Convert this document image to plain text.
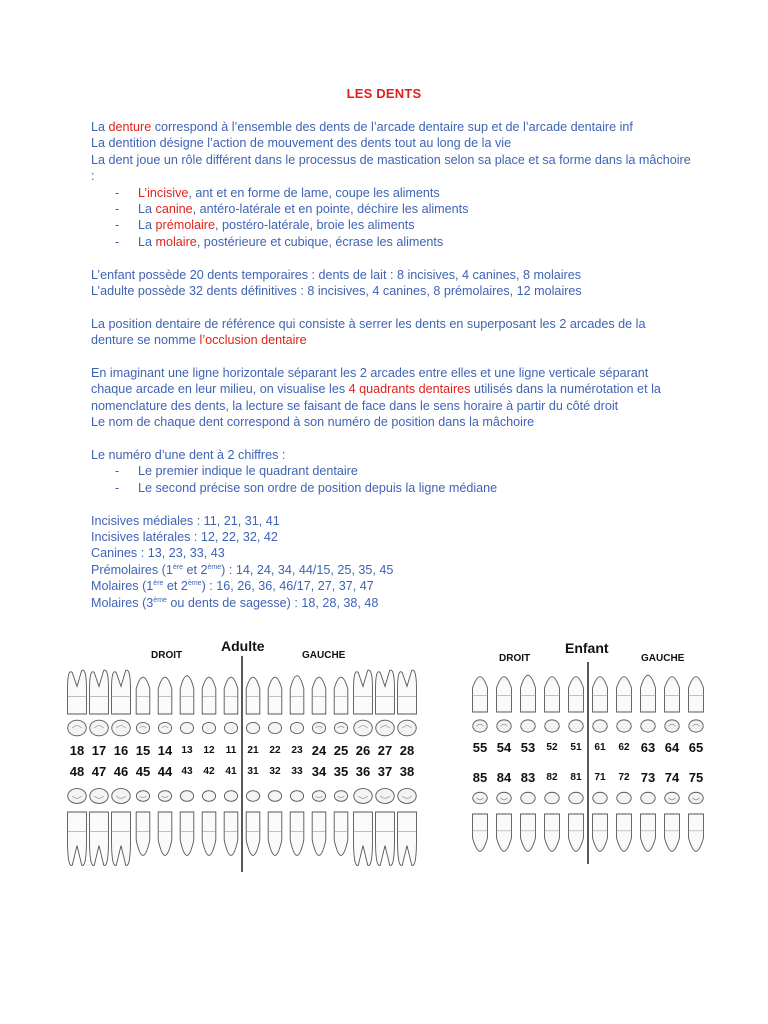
LES DENTS

La denture correspond à l’ensemble des dents de l’arcade dentaire sup et de l’arcade dentaire inf

La dentition désigne l’action de mouvement des dents tout au long de la vie

La dent joue un rôle différent dans le processus de mastication selon sa place et sa forme dans la mâchoire :

- L’incisive, ant et en forme de lame, coupe les aliments

- La canine, antéro-latérale et en pointe, déchire les aliments

- La prémolaire, postéro-latérale, broie les aliments

- La molaire, postérieure et cubique, écrase les aliments

L’enfant possède 20 dents temporaires : dents de lait : 8 incisives, 4 canines, 8 molaires

L’adulte possède 32 dents définitives : 8 incisives, 4 canines, 8 prémolaires, 12 molaires

La position dentaire de référence qui consiste à serrer les dents en superposant les 2 arcades de la denture se nomme l’occlusion dentaire

En imaginant une ligne horizontale séparant les 2 arcades entre elles et une ligne verticale séparant chaque arcade en leur milieu, on visualise les 4 quadrants dentaires utilisés dans la numérotation et la nomenclature des dents, la lecture se faisant de face dans le sens horaire à partir du côté droit

Le nom de chaque dent correspond à son numéro de position dans la mâchoire

Le numéro d’une dent à 2 chiffres :

- Le premier indique le quadrant dentaire

- Le second précise son ordre de position depuis la ligne médiane

Incisives médiales : 11, 21, 31, 41

Incisives latérales : 12, 22, 32, 42

Canines : 13, 23, 33, 43

Prémolaires (1ère et 2ème) : 14, 24, 34, 44/15, 25, 35, 45

Molaires (1ère et 2ème) : 16, 26, 36, 46/17, 27, 37, 47

Molaires (3ème ou dents de sagesse) : 18, 28, 38, 48

Adulte
DROIT	GAUCHE
18 17 16 15 14 13	12	11	21	22	23 24 25 26 27 28
48 47 46 45 44 43	42	41	31	32	33 34 35 36 37 38
Enfant
DROIT	GAUCHE
55 54 53	52	51	61	62 63 64 65
85 84 83	82	81	71	72 73 74 75
